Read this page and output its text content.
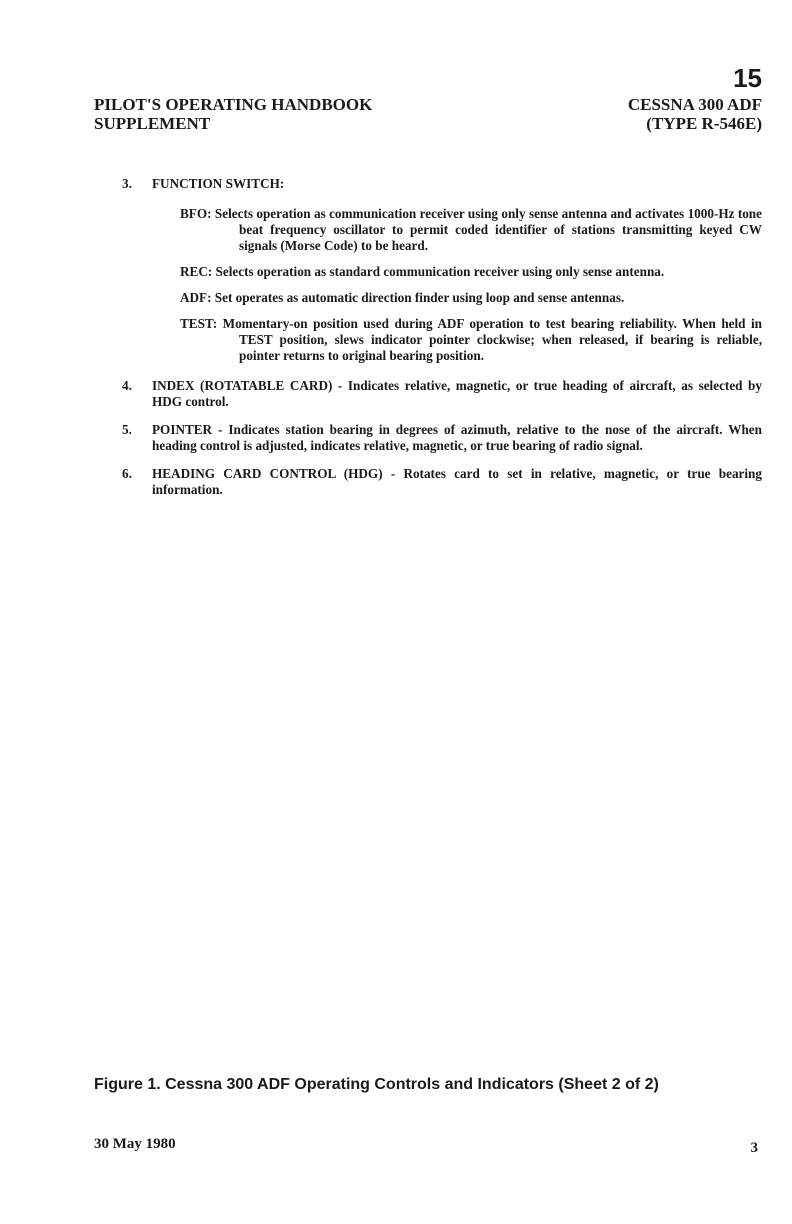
15
PILOT'S OPERATING HANDBOOK
SUPPLEMENT
CESSNA 300 ADF
(TYPE R-546E)
3.	FUNCTION SWITCH:
BFO: Selects operation as communication receiver using only sense antenna and activates 1000-Hz tone beat frequency oscillator to permit coded identifier of stations transmitting keyed CW signals (Morse Code) to be heard.
REC: Selects operation as standard communication receiver using only sense antenna.
ADF: Set operates as automatic direction finder using loop and sense antennas.
TEST: Momentary-on position used during ADF operation to test bearing reliability. When held in TEST position, slews indicator pointer clockwise; when released, if bearing is reliable, pointer returns to original bearing position.
4.	INDEX (ROTATABLE CARD) - Indicates relative, magnetic, or true heading of aircraft, as selected by HDG control.
5.	POINTER - Indicates station bearing in degrees of azimuth, relative to the nose of the aircraft. When heading control is adjusted, indicates relative, magnetic, or true bearing of radio signal.
6.	HEADING CARD CONTROL (HDG) - Rotates card to set in relative, magnetic, or true bearing information.
Figure 1. Cessna 300 ADF Operating Controls and Indicators (Sheet 2 of 2)
30 May 1980	3
